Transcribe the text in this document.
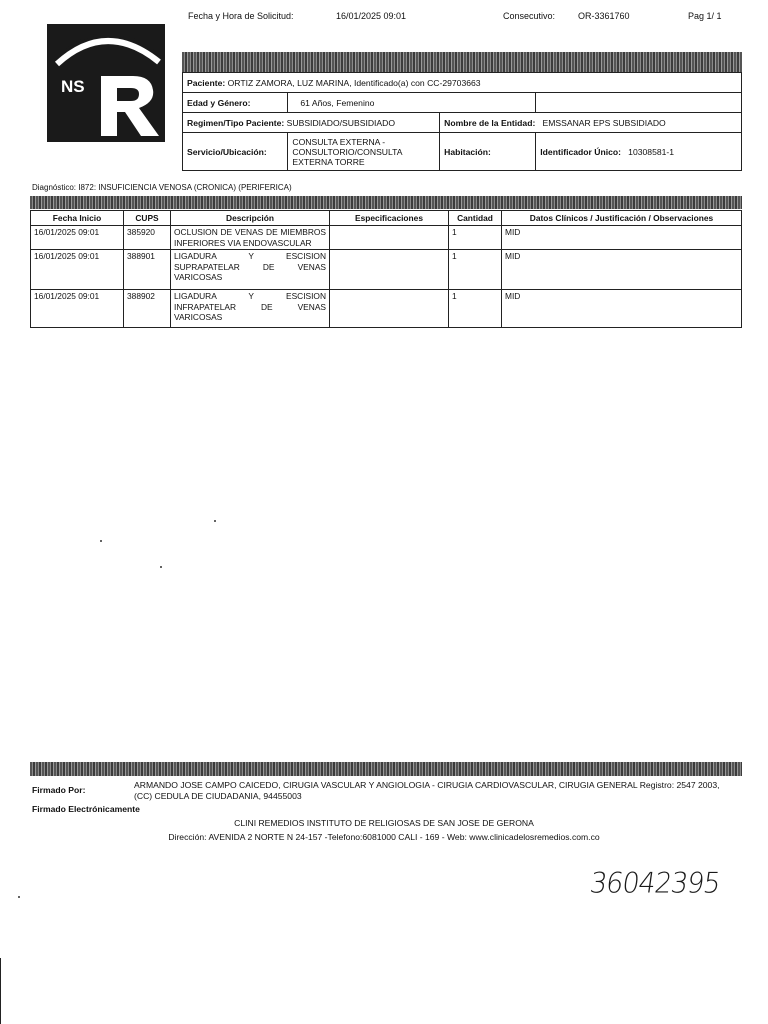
Fecha y Hora de Solicitud:	16/01/2025 09:01	Consecutivo:	OR-3361760	Pag 1/ 1
NS	Paciente: ORTIZ ZAMORA, LUZ MARINA, Identificado(a) con CC-29703663			
Edad y Género:	61 Años, Femenino		
Regimen/Tipo Paciente: SUBSIDIADO/SUBSIDIADO		Nombre de la Entidad: EMSSANAR EPS SUBSIDIADO	
Servicio/Ubicación:	CONSULTA EXTERNA - CONSULTORIO/CONSULTA EXTERNA TORRE	Habitación:	Identificador Único: 10308581-1
Diagnóstico: I872: INSUFICIENCIA VENOSA (CRONICA) (PERIFERICA)
Fecha Inicio	CUPS	Descripción	Especificaciones	Cantidad	Datos Clínicos / Justificación / Observaciones
16/01/2025 09:01	385920	OCLUSION DE VENAS DE MIEMBROS INFERIORES VIA ENDOVASCULAR		1	MID
16/01/2025 09:01	388901	LIGADURA Y ESCISION SUPRAPATELAR DE VENAS VARICOSAS		1	MID
16/01/2025 09:01	388902	LIGADURA Y ESCISION INFRAPATELAR DE VENAS VARICOSAS		1	MID
Firmado Por:	ARMANDO JOSE CAMPO CAICEDO, CIRUGIA VASCULAR Y ANGIOLOGIA - CIRUGIA CARDIOVASCULAR, CIRUGIA GENERAL Registro: 2547 2003,
(CC) CEDULA DE CIUDADANIA, 94455003
Firmado Electrónicamente
CLINI REMEDIOS INSTITUTO DE RELIGIOSAS DE SAN JOSE DE GERONA
Dirección: AVENIDA 2 NORTE N 24-157 -Telefono:6081000 CALI - 169 - Web: www.clinicadelosremedios.com.co
36042395
